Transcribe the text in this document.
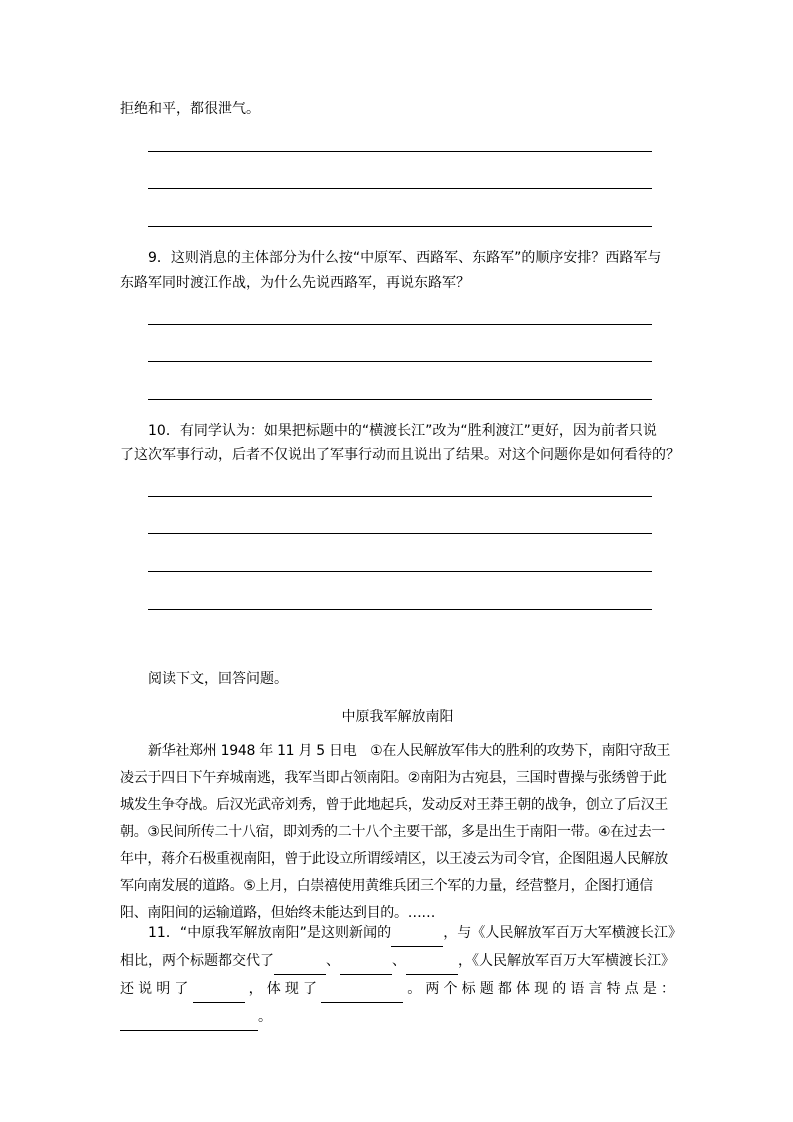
拒绝和平，都很泄气。
9．这则消息的主体部分为什么按“中原军、西路军、东路军”的顺序安排？西路军与
东路军同时渡江作战，为什么先说西路军，再说东路军？
10．有同学认为：如果把标题中的“横渡长江”改为“胜利渡江”更好，因为前者只说
了这次军事行动，后者不仅说出了军事行动而且说出了结果。对这个问题你是如何看待的？
阅读下文，回答问题。
中原我军解放南阳
新华社郑州 1948 年 11 月 5 日电　①在人民解放军伟大的胜利的攻势下，南阳守敌王凌云于四日下午弃城南逃，我军当即占领南阳。②南阳为古宛县，三国时曹操与张绣曾于此城发生争夺战。后汉光武帝刘秀，曾于此地起兵，发动反对王莽王朝的战争，创立了后汉王朝。③民间所传二十八宿，即刘秀的二十八个主要干部，多是出生于南阳一带。④在过去一年中，蒋介石极重视南阳，曾于此设立所谓绥靖区，以王凌云为司令官，企图阻遏人民解放军向南发展的道路。⑤上月，白崇禧使用黄维兵团三个军的力量，经营整月，企图打通信阳、南阳间的运输道路，但始终未能达到目的。……
11．“中原我军解放南阳”是这则新闻的	，与《人民解放军百万大军横渡长江》相比，两个标题都交代了	、	、	，《人民解放军百万大军横渡长江》还说明了	，体现了	。两个标题都体现的语言特点是：。
